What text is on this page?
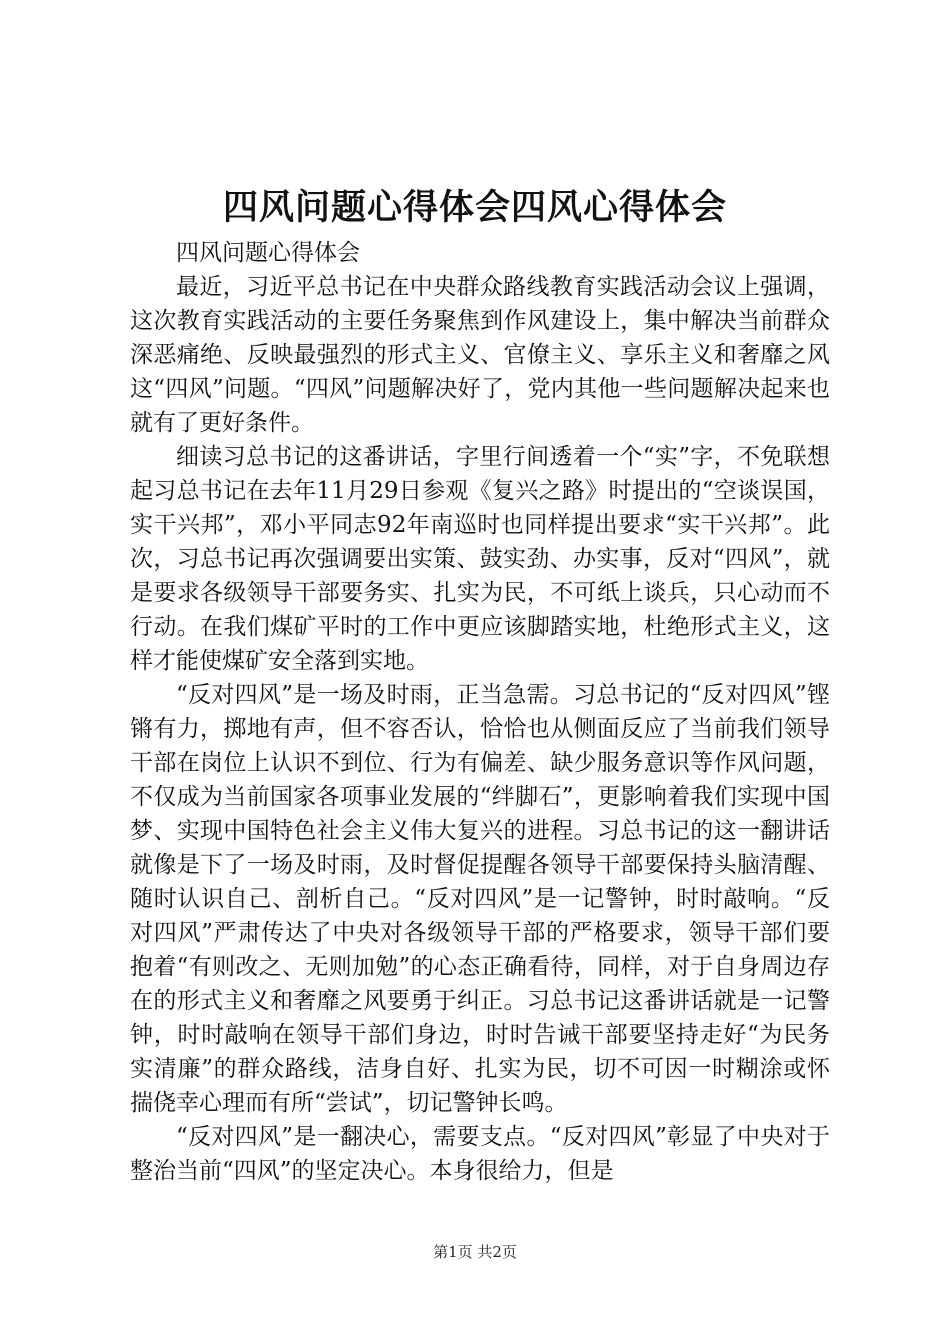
四风问题心得体会四风心得体会

四风问题心得体会

最近，习近平总书记在中央群众路线教育实践活动会议上强调，这次教育实践活动的主要任务聚焦到作风建设上，集中解决当前群众深恶痛绝、反映最强烈的形式主义、官僚主义、享乐主义和奢靡之风这“四风”问题。“四风”问题解决好了，党内其他一些问题解决起来也就有了更好条件。

细读习总书记的这番讲话，字里行间透着一个“实”字，不免联想起习总书记在去年11月29日参观《复兴之路》时提出的“空谈误国，实干兴邦”，邓小平同志92年南巡时也同样提出要求“实干兴邦”。此次，习总书记再次强调要出实策、鼓实劲、办实事，反对“四风”，就是要求各级领导干部要务实、扎实为民，不可纸上谈兵，只心动而不行动。在我们煤矿平时的工作中更应该脚踏实地，杜绝形式主义，这样才能使煤矿安全落到实地。

“反对四风”是一场及时雨，正当急需。习总书记的“反对四风”铿锵有力，掷地有声，但不容否认，恰恰也从侧面反应了当前我们领导干部在岗位上认识不到位、行为有偏差、缺少服务意识等作风问题，不仅成为当前国家各项事业发展的“绊脚石”，更影响着我们实现中国梦、实现中国特色社会主义伟大复兴的进程。习总书记的这一翻讲话就像是下了一场及时雨，及时督促提醒各领导干部要保持头脑清醒、随时认识自己、剖析自己。“反对四风”是一记警钟，时时敲响。“反对四风”严肃传达了中央对各级领导干部的严格要求，领导干部们要抱着“有则改之、无则加勉”的心态正确看待，同样，对于自身周边存在的形式主义和奢靡之风要勇于纠正。习总书记这番讲话就是一记警钟，时时敲响在领导干部们身边，时时告诫干部要坚持走好“为民务实清廉”的群众路线，洁身自好、扎实为民，切不可因一时糊涂或怀揣侥幸心理而有所“尝试”，切记警钟长鸣。

“反对四风”是一翻决心，需要支点。“反对四风”彰显了中央对于整治当前“四风”的坚定决心。本身很给力，但是

第1页 共2页
